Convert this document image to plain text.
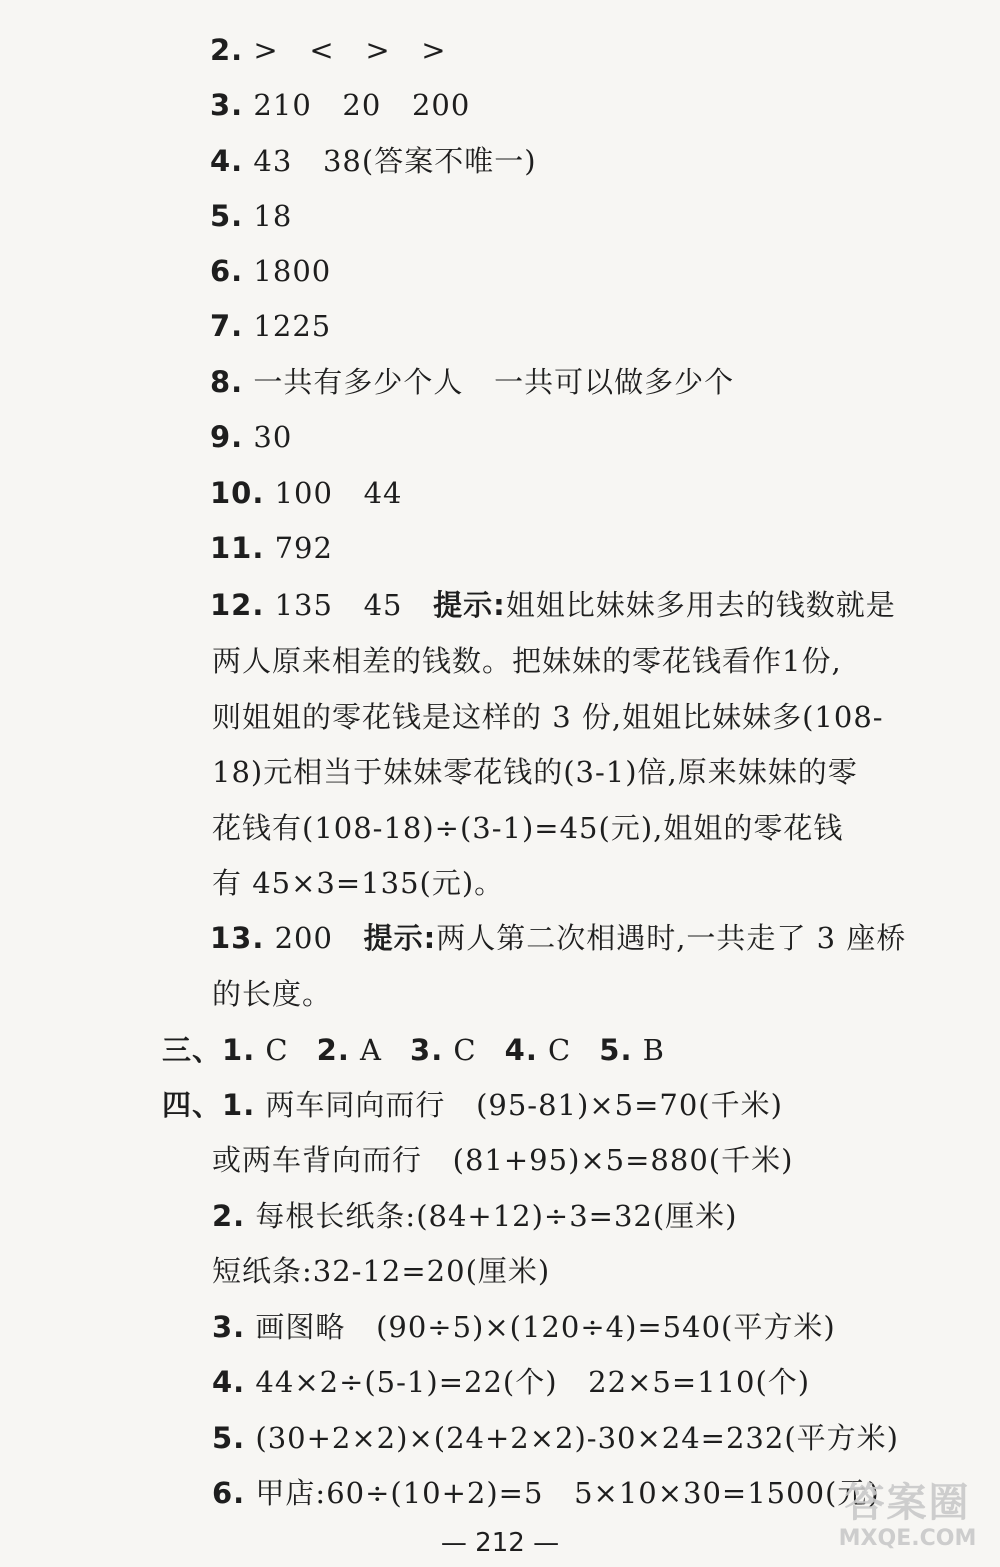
2. >   <   >   >
3. 210   20   200
4. 43   38(答案不唯一)
5. 18
6. 1800
7. 1225
8. 一共有多少个人   一共可以做多少个
9. 30
10. 100   44
11. 792
12. 135   45   提示:姐姐比妹妹多用去的钱数就是
两人原来相差的钱数。把妹妹的零花钱看作1份,
则姐姐的零花钱是这样的 3 份,姐姐比妹妹多(108-
18)元相当于妹妹零花钱的(3-1)倍,原来妹妹的零
花钱有(108-18)÷(3-1)=45(元),姐姐的零花钱
有 45×3=135(元)。
13. 200   提示:两人第二次相遇时,一共走了 3 座桥
的长度。
三、1. C 2. A 3. C 4. C 5. B
四、1. 两车同向而行   (95-81)×5=70(千米)
或两车背向而行   (81+95)×5=880(千米)
2. 每根长纸条:(84+12)÷3=32(厘米)
短纸条:32-12=20(厘米)
3. 画图略   (90÷5)×(120÷4)=540(平方米)
4. 44×2÷(5-1)=22(个)   22×5=110(个)
5. (30+2×2)×(24+2×2)-30×24=232(平方米)
6. 甲店:60÷(10+2)=5   5×10×30=1500(元)
— 212 —
答案圈
MXQE.COM
